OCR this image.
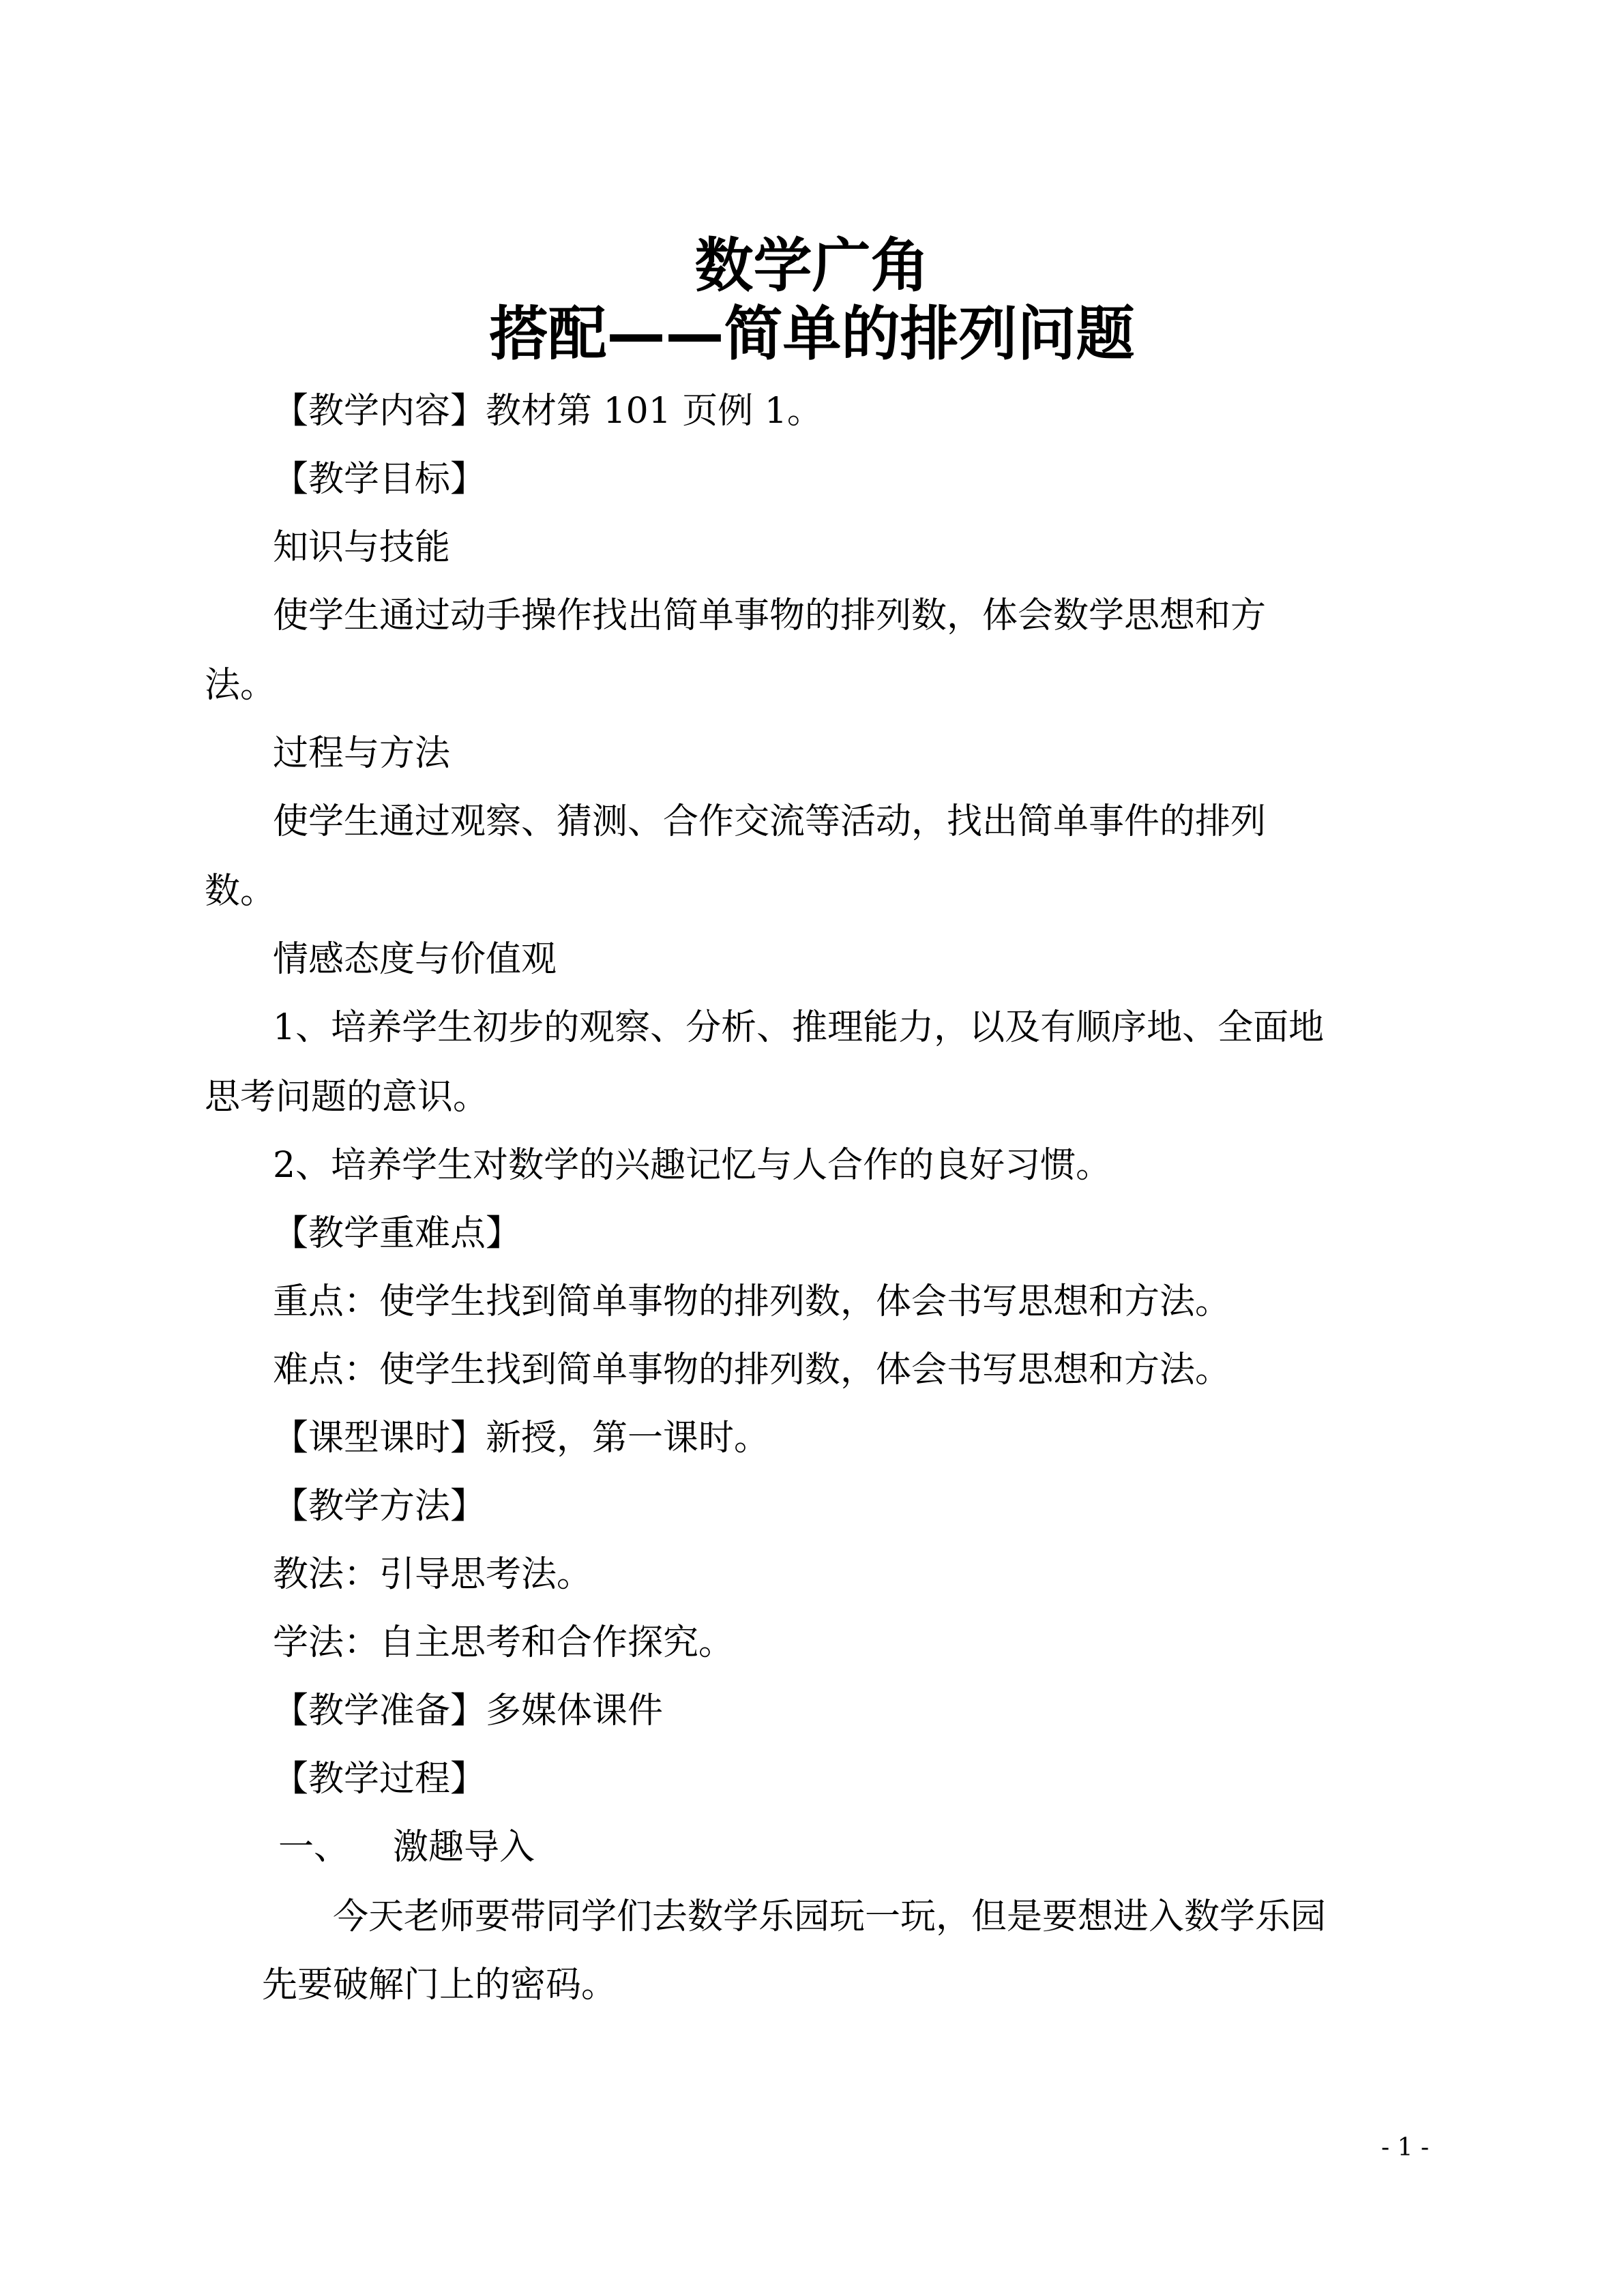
数学广角
搭配——简单的排列问题
【教学内容】教材第 101 页例 1。
【教学目标】
知识与技能
使学生通过动手操作找出简单事物的排列数，体会数学思想和方
法。
过程与方法
使学生通过观察、猜测、合作交流等活动，找出简单事件的排列
数。
情感态度与价值观
1、培养学生初步的观察、分析、推理能力，以及有顺序地、全面地
思考问题的意识。
2、培养学生对数学的兴趣记忆与人合作的良好习惯。
【教学重难点】
重点：使学生找到简单事物的排列数，体会书写思想和方法。
难点：使学生找到简单事物的排列数，体会书写思想和方法。
【课型课时】新授，第一课时。
【教学方法】
教法：引导思考法。
学法：自主思考和合作探究。
【教学准备】多媒体课件
【教学过程】
一、 激趣导入
今天老师要带同学们去数学乐园玩一玩，但是要想进入数学乐园
先要破解门上的密码。
- 1 -
